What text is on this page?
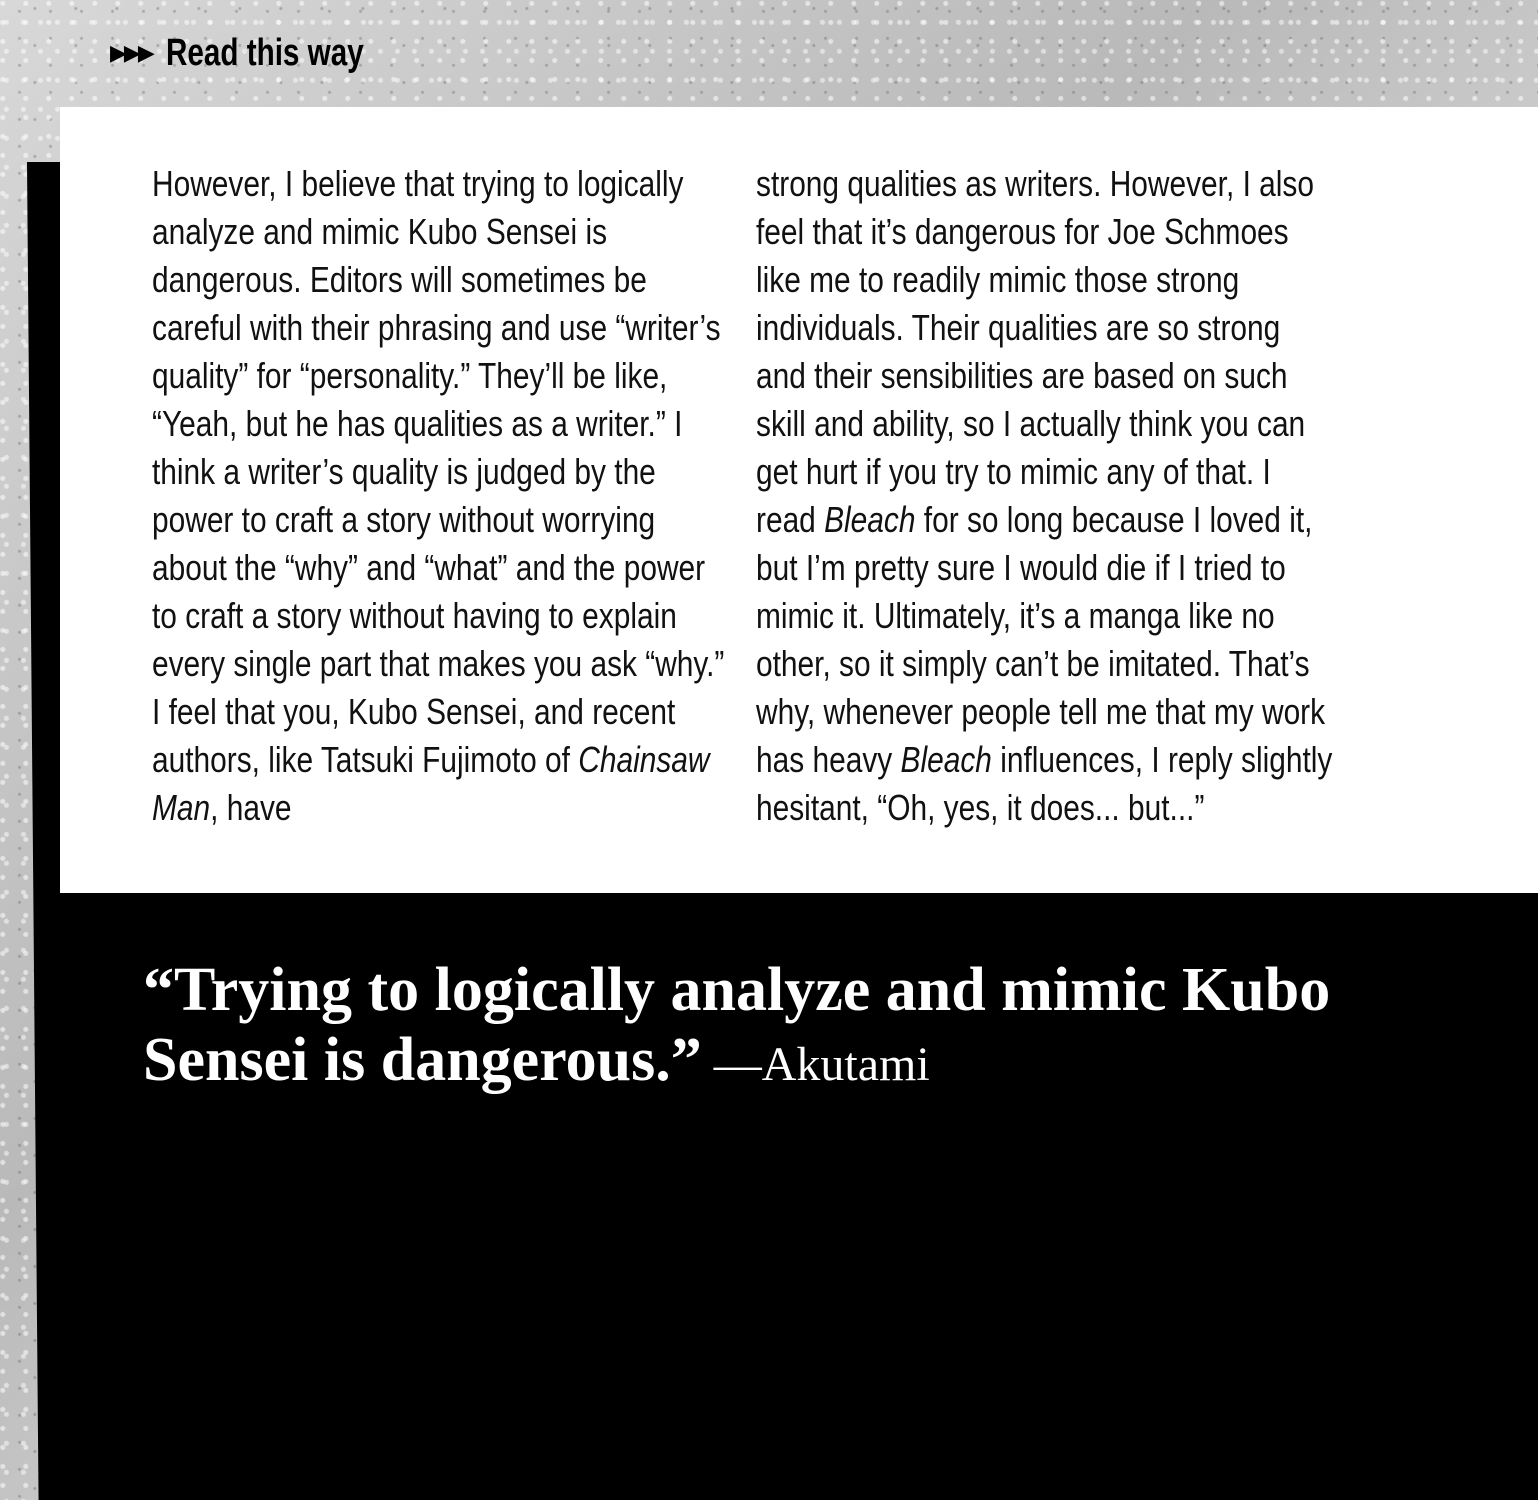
▶▶▶ Read this way
However, I believe that trying to logically analyze and mimic Kubo Sensei is dangerous. Editors will sometimes be careful with their phrasing and use “writer’s quality” for “personality.” They’ll be like, “Yeah, but he has qualities as a writer.” I think a writer’s quality is judged by the power to craft a story without worrying about the “why” and “what” and the power to craft a story without having to explain every single part that makes you ask “why.” I feel that you, Kubo Sensei, and recent authors, like Tatsuki Fujimoto of Chainsaw Man, have
strong qualities as writers. However, I also feel that it’s dangerous for Joe Schmoes like me to readily mimic those strong individuals. Their qualities are so strong and their sensibilities are based on such skill and ability, so I actually think you can get hurt if you try to mimic any of that. I read Bleach for so long because I loved it, but I’m pretty sure I would die if I tried to mimic it. Ultimately, it’s a manga like no other, so it simply can’t be imitated. That’s why, whenever people tell me that my work has heavy Bleach influences, I reply slightly hesitant, “Oh, yes, it does... but...”
“Trying to logically analyze and mimic Kubo Sensei is dangerous.” —Akutami
